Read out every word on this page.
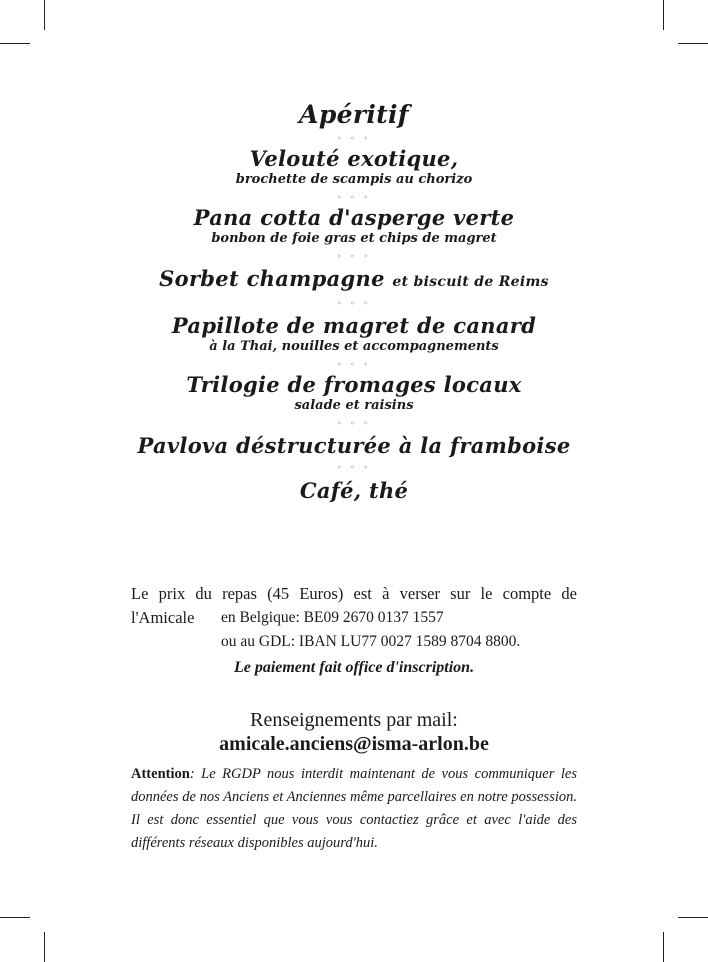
Apéritif
◦ ◦ ◦
Velouté exotique,
brochette de scampis au chorizo
◦ ◦ ◦
Pana cotta d'asperge verte
bonbon de foie gras et chips de magret
◦ ◦ ◦
Sorbet champagne et biscuit de Reims
◦ ◦ ◦
Papillote de magret de canard
à la Thai, nouilles et accompagnements
◦ ◦ ◦
Trilogie de fromages locaux
salade et raisins
◦ ◦ ◦
Pavlova déstructurée à la framboise
◦ ◦ ◦
Café, thé
Le prix du repas (45 Euros) est à verser sur le compte de
l'Amicale	en Belgique: BE09 2670 0137 1557
ou au GDL: IBAN LU77 0027 1589 8704 8800.
Le paiement fait office d'inscription.
Renseignements par mail:
amicale.anciens@isma-arlon.be
Attention: Le RGDP nous interdit maintenant de vous communiquer les données de nos Anciens et Anciennes même parcellaires en notre possession. Il est donc essentiel que vous vous contactiez grâce et avec l'aide des différents réseaux disponibles aujourd'hui.
